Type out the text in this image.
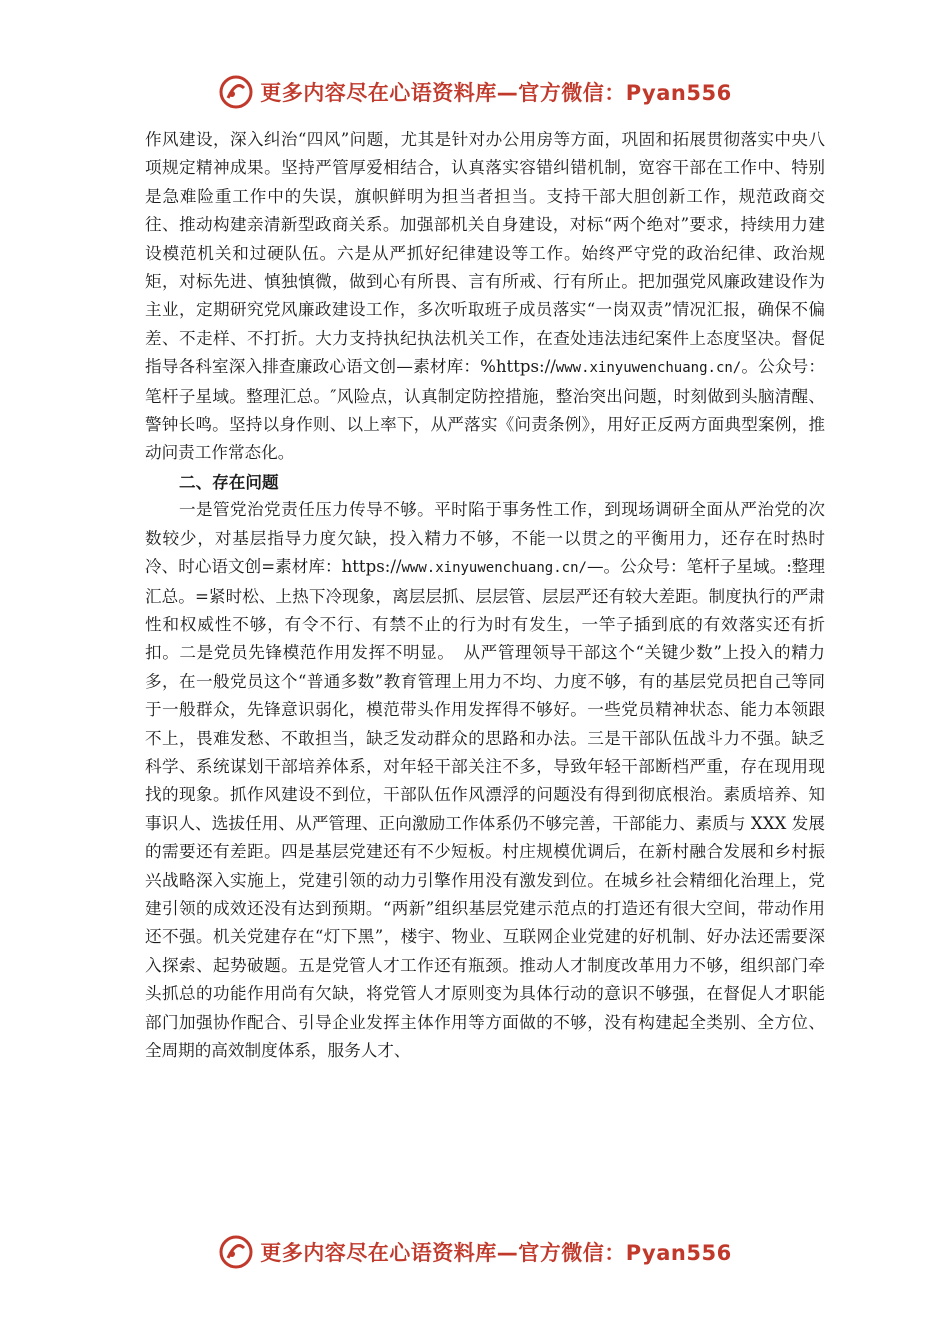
更多内容尽在心语资料库—官方微信：Pyan556

作风建设，深入纠治“四风”问题，尤其是针对办公用房等方面，巩固和拓展贯彻落实中央八项规定精神成果。坚持严管厚爱相结合，认真落实容错纠错机制，宽容干部在工作中、特别是急难险重工作中的失误，旗帜鲜明为担当者担当。支持干部大胆创新工作，规范政商交往、推动构建亲清新型政商关系。加强部机关自身建设，对标“两个绝对”要求，持续用力建设模范机关和过硬队伍。六是从严抓好纪律建设等工作。始终严守党的政治纪律、政治规矩，对标先进、慎独慎微，做到心有所畏、言有所戒、行有所止。把加强党风廉政建设作为主业，定期研究党风廉政建设工作，多次听取班子成员落实“一岗双责”情况汇报，确保不偏差、不走样、不打折。大力支持执纪执法机关工作，在查处违法违纪案件上态度坚决。督促指导各科室深入排查廉政心语文创—素材库：%https://www.xinyuwenchuang.cn/。公众号：笔杆子星域。整理汇总。″风险点，认真制定防控措施，整治突出问题，时刻做到头脑清醒、警钟长鸣。坚持以身作则、以上率下，从严落实《问责条例》，用好正反两方面典型案例，推动问责工作常态化。

二、存在问题

一是管党治党责任压力传导不够。平时陷于事务性工作，到现场调研全面从严治党的次数较少，对基层指导力度欠缺，投入精力不够，不能一以贯之的平衡用力，还存在时热时冷、时心语文创=素材库：https://www.xinyuwenchuang.cn/—。公众号：笔杆子星域。:整理汇总。=紧时松、上热下冷现象，离层层抓、层层管、层层严还有较大差距。制度执行的严肃性和权威性不够，有令不行、有禁不止的行为时有发生，一竿子插到底的有效落实还有折扣。二是党员先锋模范作用发挥不明显。　从严管理领导干部这个“关键少数”上投入的精力多，在一般党员这个“普通多数”教育管理上用力不均、力度不够，有的基层党员把自己等同于一般群众，先锋意识弱化，模范带头作用发挥得不够好。一些党员精神状态、能力本领跟不上，畏难发愁、不敢担当，缺乏发动群众的思路和办法。三是干部队伍战斗力不强。缺乏科学、系统谋划干部培养体系，对年轻干部关注不多，导致年轻干部断档严重，存在现用现找的现象。抓作风建设不到位，干部队伍作风漂浮的问题没有得到彻底根治。素质培养、知事识人、选拔任用、从严管理、正向激励工作体系仍不够完善，干部能力、素质与 XXX 发展的需要还有差距。四是基层党建还有不少短板。村庄规模优调后，在新村融合发展和乡村振兴战略深入实施上，党建引领的动力引擎作用没有激发到位。在城乡社会精细化治理上，党建引领的成效还没有达到预期。“两新”组织基层党建示范点的打造还有很大空间，带动作用还不强。机关党建存在“灯下黑”，楼宇、物业、互联网企业党建的好机制、好办法还需要深入探索、起势破题。五是党管人才工作还有瓶颈。推动人才制度改革用力不够，组织部门牵头抓总的功能作用尚有欠缺，将党管人才原则变为具体行动的意识不够强，在督促人才职能部门加强协作配合、引导企业发挥主体作用等方面做的不够，没有构建起全类别、全方位、全周期的高效制度体系，服务人才、

更多内容尽在心语资料库—官方微信：Pyan556
